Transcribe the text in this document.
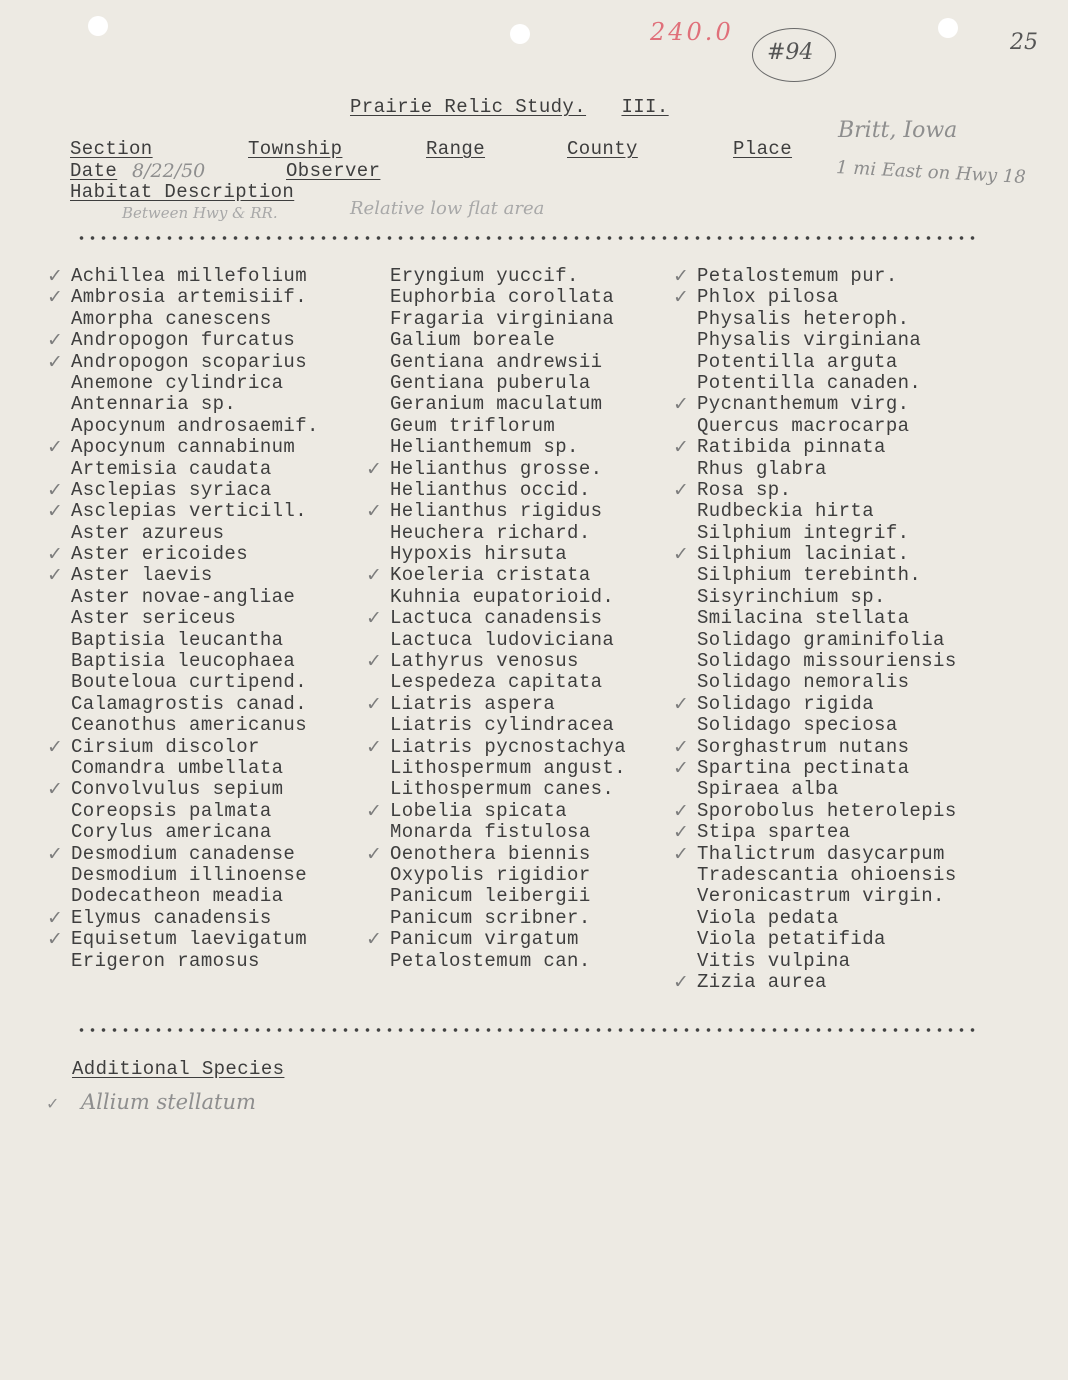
240.0
#94	25
Prairie Relic Study. III.
Section	Township	Range	County	Place
Date 8/22/50	Observer
Habitat Description
Britt, Iowa
1 mi East on Hwy 18
Between Hwy & RR.	Relative low flat area
✓ Achillea millefolium
✓ Ambrosia artemisiif.
Amorpha canescens
✓ Andropogon furcatus
✓ Andropogon scoparius
Anemone cylindrica
Antennaria sp.
Apocynum androsaemif.
✓ Apocynum cannabinum
Artemisia caudata
✓ Asclepias syriaca
✓ Asclepias verticill.
Aster azureus
✓ Aster ericoides
✓ Aster laevis
Aster novae-angliae
Aster sericeus
Baptisia leucantha
Baptisia leucophaea
Bouteloua curtipend.
Calamagrostis canad.
Ceanothus americanus
✓ Cirsium discolor
Comandra umbellata
✓ Convolvulus sepium
Coreopsis palmata
Corylus americana
✓ Desmodium canadense
Desmodium illinoense
Dodecatheon meadia
✓ Elymus canadensis
✓ Equisetum laevigatum
Erigeron ramosus
Eryngium yuccif.
Euphorbia corollata
Fragaria virginiana
Galium boreale
Gentiana andrewsii
Gentiana puberula
Geranium maculatum
Geum triflorum
Helianthemum sp.
✓ Helianthus grosse.
Helianthus occid.
✓ Helianthus rigidus
Heuchera richard.
Hypoxis hirsuta
✓ Koeleria cristata
Kuhnia eupatorioid.
✓ Lactuca canadensis
Lactuca ludoviciana
✓ Lathyrus venosus
Lespedeza capitata
✓ Liatris aspera
Liatris cylindracea
✓ Liatris pycnostachya
Lithospermum angust.
Lithospermum canes.
✓ Lobelia spicata
Monarda fistulosa
✓ Oenothera biennis
Oxypolis rigidior
Panicum leibergii
Panicum scribner.
✓ Panicum virgatum
Petalostemum can.
✓ Petalostemum pur.
✓ Phlox pilosa
Physalis heteroph.
Physalis virginiana
Potentilla arguta
Potentilla canaden.
✓ Pycnanthemum virg.
Quercus macrocarpa
✓ Ratibida pinnata
Rhus glabra
✓ Rosa sp.
Rudbeckia hirta
Silphium integrif.
✓ Silphium laciniat.
Silphium terebinth.
Sisyrinchium sp.
Smilacina stellata
Solidago graminifolia
Solidago missouriensis
Solidago nemoralis
✓ Solidago rigida
Solidago speciosa
✓ Sorghastrum nutans
✓ Spartina pectinata
Spiraea alba
✓ Sporobolus heterolepis
✓ Stipa spartea
✓ Thalictrum dasycarpum
Tradescantia ohioensis
Veronicastrum virgin.
Viola pedata
Viola petatifida
Vitis vulpina
✓ Zizia aurea
Additional Species
✓ Allium stellatum
